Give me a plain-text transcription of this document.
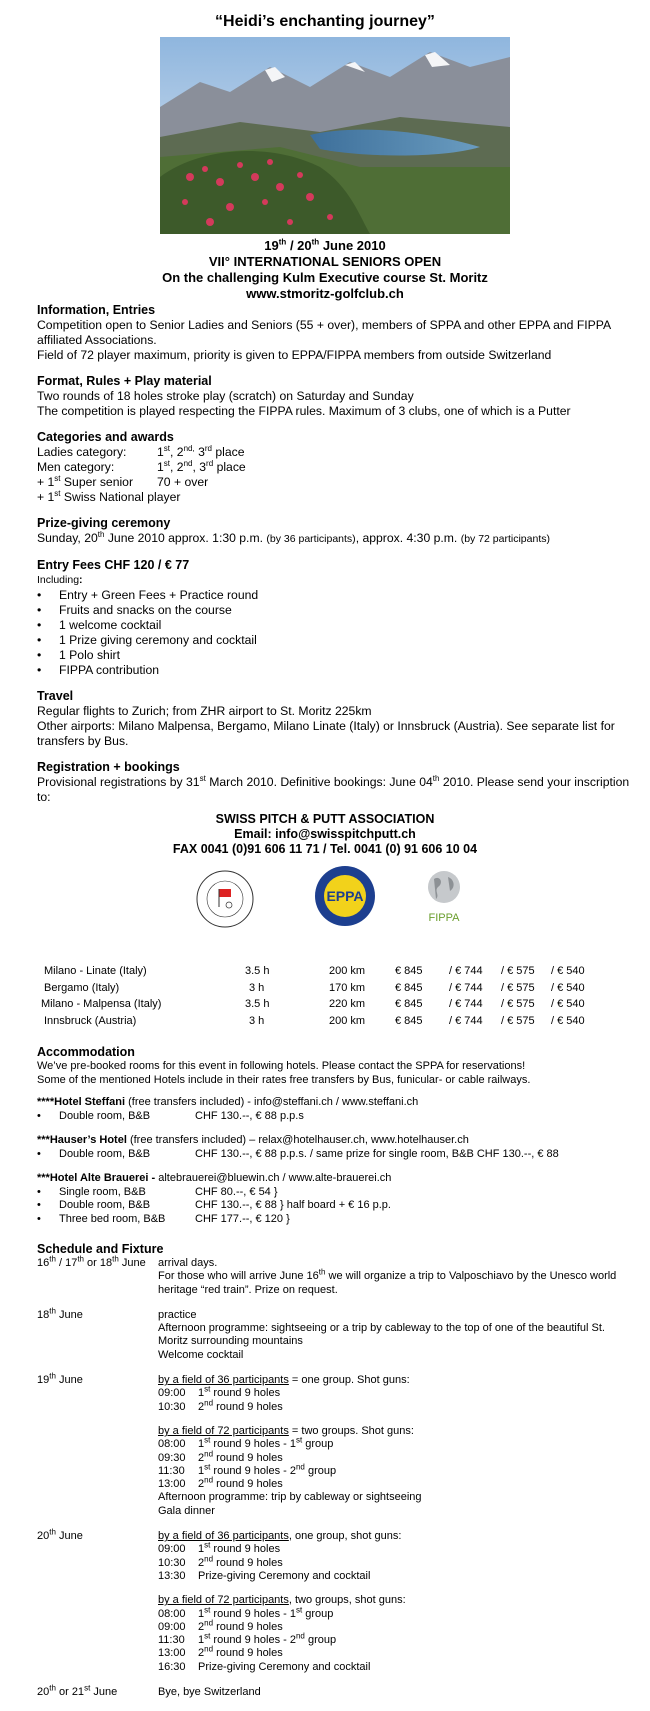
“Heidi’s enchanting journey”
19th / 20th June 2010
VII° INTERNATIONAL SENIORS OPEN
On the challenging Kulm Executive course St. Moritz
www.stmoritz-golfclub.ch
Information, Entries

Competition open to Senior Ladies and Seniors (55 + over), members of SPPA and other EPPA and FIPPA affiliated Associations.

Field of 72 player maximum, priority is given to EPPA/FIPPA members from outside Switzerland

Format, Rules + Play material

Two rounds of 18 holes stroke play (scratch) on Saturday and Sunday

The competition is played respecting the FIPPA rules. Maximum of 3 clubs, one of which is a Putter

Categories and awards
Ladies category:	1st, $2^{nd,}$ 3rd place
Men category:	1st, 2nd, 3rd place
+ 1st Super senior	70 + over
+ 1st Swiss National player
Prize-giving ceremony

Sunday, 20th June 2010 approx. 1:30 p.m. (by 36 participants), approx. 4:30 p.m. (by 72 participants)

Entry Fees CHF 120 / € 77

Including:

• Entry + Green Fees + Practice round
• Fruits and snacks on the course
• 1 welcome cocktail
• 1 Prize giving ceremony and cocktail
• 1 Polo shirt
• FIPPA contribution
Travel

Regular flights to Zurich; from ZHR airport to St. Moritz 225km

Other airports: Milano Malpensa, Bergamo, Milano Linate (Italy) or Innsbruck (Austria). See separate list for transfers by Bus.

Registration + bookings

Provisional registrations by 31st March 2010. Definitive bookings: June 04th 2010. Please send your inscription to:

SWISS PITCH & PUTT ASSOCIATION
Email: info@swisspitchputt.ch
FAX 0041 (0)91 606 11 71 / Tel. 0041 (0) 91 606 10 04
EPPA
FIPPA
Milano - Linate (Italy)	3.5 h	200 km	€ 845 / € 744 / € 575 / € 540
Bergamo (Italy)	3 h	170 km	€ 845 / € 744 / € 575 / € 540
Milano - Malpensa (Italy)	3.5 h	220 km	€ 845 / € 744 / € 575 / € 540
Innsbruck (Austria)	3 h	200 km	€ 845 / € 744 / € 575 / € 540
Accommodation

We’ve pre-booked rooms for this event in following hotels. Please contact the SPPA for reservations!

Some of the mentioned Hotels include in their rates free transfers by Bus, funicular- or cable railways.

****Hotel Steffani (free transfers included) - info@steffani.ch / www.steffani.ch

• Double room, B&B	CHF 130.--, € 88 p.p.s

***Hauser’s Hotel (free transfers included) – relax@hotelhauser.ch, www.hotelhauser.ch

• Double room, B&B	CHF 130.--, € 88 p.p.s. / same prize for single room, B&B CHF 130.--, € 88

***Hotel Alte Brauerei - altebrauerei@bluewin.ch / www.alte-brauerei.ch

• Single room, B&B	CHF 80.--, € 54 }
• Double room, B&B	CHF 130.--, € 88 } half board + € 16 p.p.
• Three bed room, B&B	CHF 177.--, € 120 }
Schedule and Fixture
16th / 17th or 18th June	arrival days.
For those who will arrive June 16th we will organize a trip to Valposchiavo by the Unesco world heritage “red train”. Prize on request.
18th June	practice
Afternoon programme: sightseeing or a trip by cableway to the top of one of the beautiful St. Moritz surrounding mountains
Welcome cocktail
19th June	by a field of 36 participants = one group. Shot guns:
09:00 1st round 9 holes
10:30 2nd round 9 holes
by a field of 72 participants = two groups. Shot guns:
08:00 1st round 9 holes - 1st group
09:30 2nd round 9 holes
11:30 1st round 9 holes - 2nd group
13:00 2nd round 9 holes
Afternoon programme: trip by cableway or sightseeing
Gala dinner
20th June	by a field of 36 participants, one group, shot guns:
09:00 1st round 9 holes
10:30 2nd round 9 holes
13:30 Prize-giving Ceremony and cocktail
by a field of 72 participants, two groups, shot guns:
08:00 1st round 9 holes - 1st group
09:00 2nd round 9 holes
11:30 1st round 9 holes - 2nd group
13:00 2nd round 9 holes
16:30 Prize-giving Ceremony and cocktail
20th or 21st June	Bye, bye Switzerland
